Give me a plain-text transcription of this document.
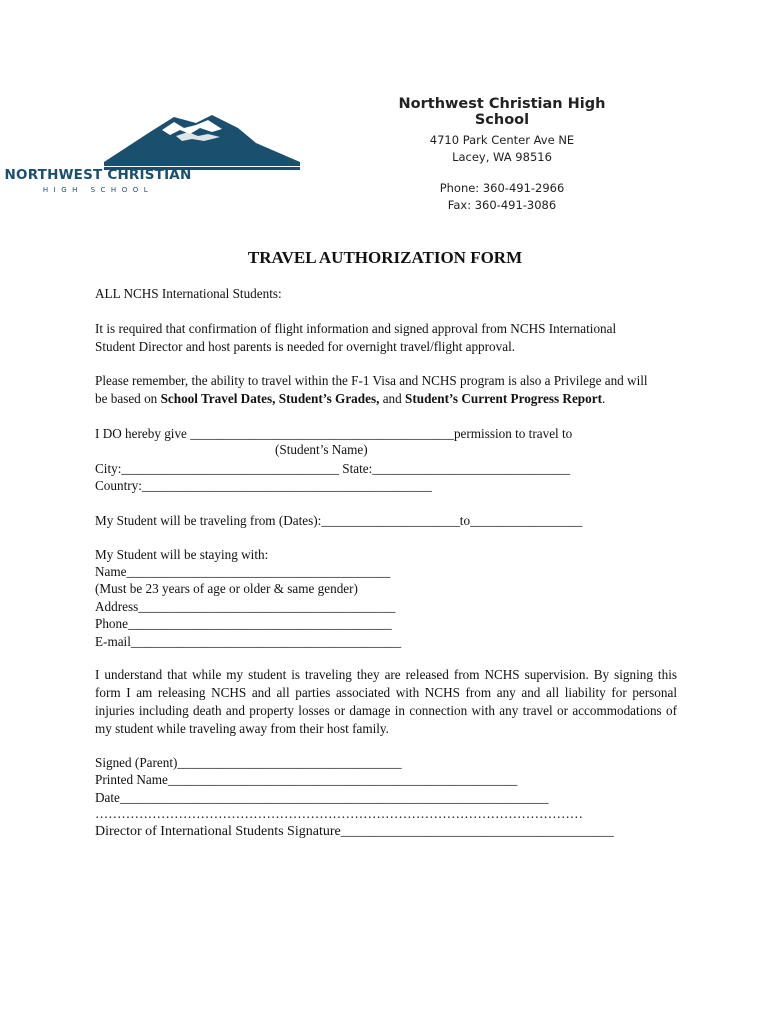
NORTHWEST CHRISTIAN
HIGH SCHOOL
Northwest Christian High School
4710 Park Center Ave NE
Lacey, WA 98516
Phone: 360-491-2966
Fax: 360-491-3086
TRAVEL AUTHORIZATION FORM
ALL NCHS International Students:
It is required that confirmation of flight information and signed approval from NCHS International
Student Director and host parents is needed for overnight travel/flight approval.
Please remember, the ability to travel within the F-1 Visa and NCHS program is also a Privilege and will
be based on School Travel Dates, Student’s Grades, and Student’s Current Progress Report.
I DO hereby give ________________________________________permission to travel to
(Student’s Name)
City:_________________________________ State:______________________________
Country:____________________________________________
My Student will be traveling from (Dates):_____________________to_________________
My Student will be staying with:
Name________________________________________
(Must be 23 years of age or older & same gender)
Address_______________________________________
Phone________________________________________
E-mail_________________________________________
I understand that while my student is traveling they are released from NCHS supervision. By signing this form I am releasing NCHS and all parties associated with NCHS from any and all liability for personal injuries including death and property losses or damage in connection with any travel or accommodations of my student while traveling away from their host family.
Signed (Parent)__________________________________
Printed Name_____________________________________________________
Date_________________________________________________________________
…………………………………………………………………………………………………
Director of International Students Signature_______________________________________
